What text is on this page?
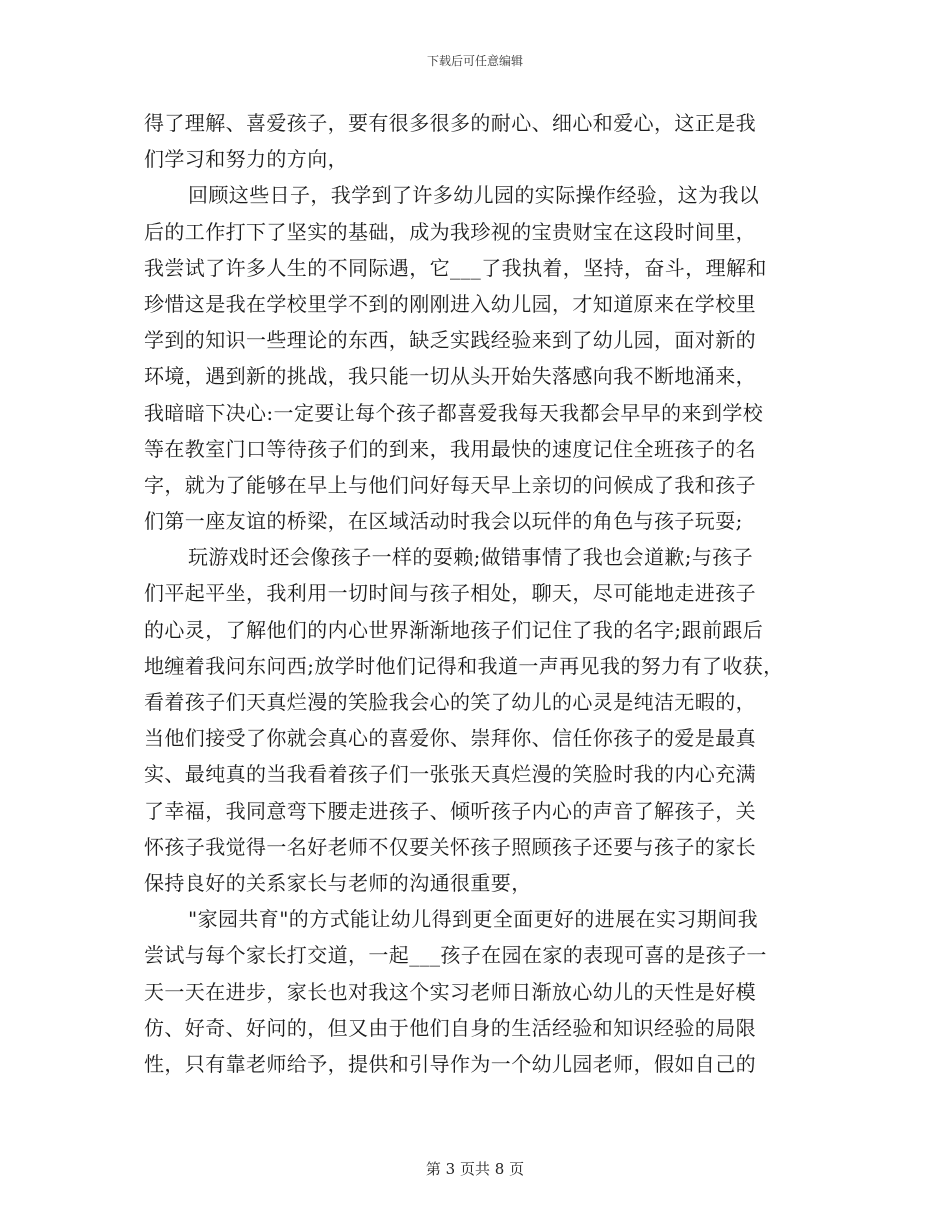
下载后可任意编辑
得了理解、喜爱孩子，要有很多很多的耐心、细心和爱心，这正是我
们学习和努力的方向，
回顾这些日子，我学到了许多幼儿园的实际操作经验，这为我以
后的工作打下了坚实的基础，成为我珍视的宝贵财宝在这段时间里，
我尝试了许多人生的不同际遇，它___了我执着，坚持，奋斗，理解和
珍惜这是我在学校里学不到的刚刚进入幼儿园，才知道原来在学校里
学到的知识一些理论的东西，缺乏实践经验来到了幼儿园，面对新的
环境，遇到新的挑战，我只能一切从头开始失落感向我不断地涌来，
我暗暗下决心:一定要让每个孩子都喜爱我每天我都会早早的来到学校
等在教室门口等待孩子们的到来，我用最快的速度记住全班孩子的名
字，就为了能够在早上与他们问好每天早上亲切的问候成了我和孩子
们第一座友谊的桥梁，在区域活动时我会以玩伴的角色与孩子玩耍;
玩游戏时还会像孩子一样的耍赖;做错事情了我也会道歉;与孩子
们平起平坐，我利用一切时间与孩子相处，聊天，尽可能地走进孩子
的心灵，了解他们的内心世界渐渐地孩子们记住了我的名字;跟前跟后
地缠着我问东问西;放学时他们记得和我道一声再见我的努力有了收获，
看着孩子们天真烂漫的笑脸我会心的笑了幼儿的心灵是纯洁无暇的，
当他们接受了你就会真心的喜爱你、崇拜你、信任你孩子的爱是最真
实、最纯真的当我看着孩子们一张张天真烂漫的笑脸时我的内心充满
了幸福，我同意弯下腰走进孩子、倾听孩子内心的声音了解孩子，关
怀孩子我觉得一名好老师不仅要关怀孩子照顾孩子还要与孩子的家长
保持良好的关系家长与老师的沟通很重要，
"家园共育"的方式能让幼儿得到更全面更好的进展在实习期间我
尝试与每个家长打交道，一起___孩子在园在家的表现可喜的是孩子一
天一天在进步，家长也对我这个实习老师日渐放心幼儿的天性是好模
仿、好奇、好问的，但又由于他们自身的生活经验和知识经验的局限
性，只有靠老师给予，提供和引导作为一个幼儿园老师，假如自己的
第 3 页共 8 页
